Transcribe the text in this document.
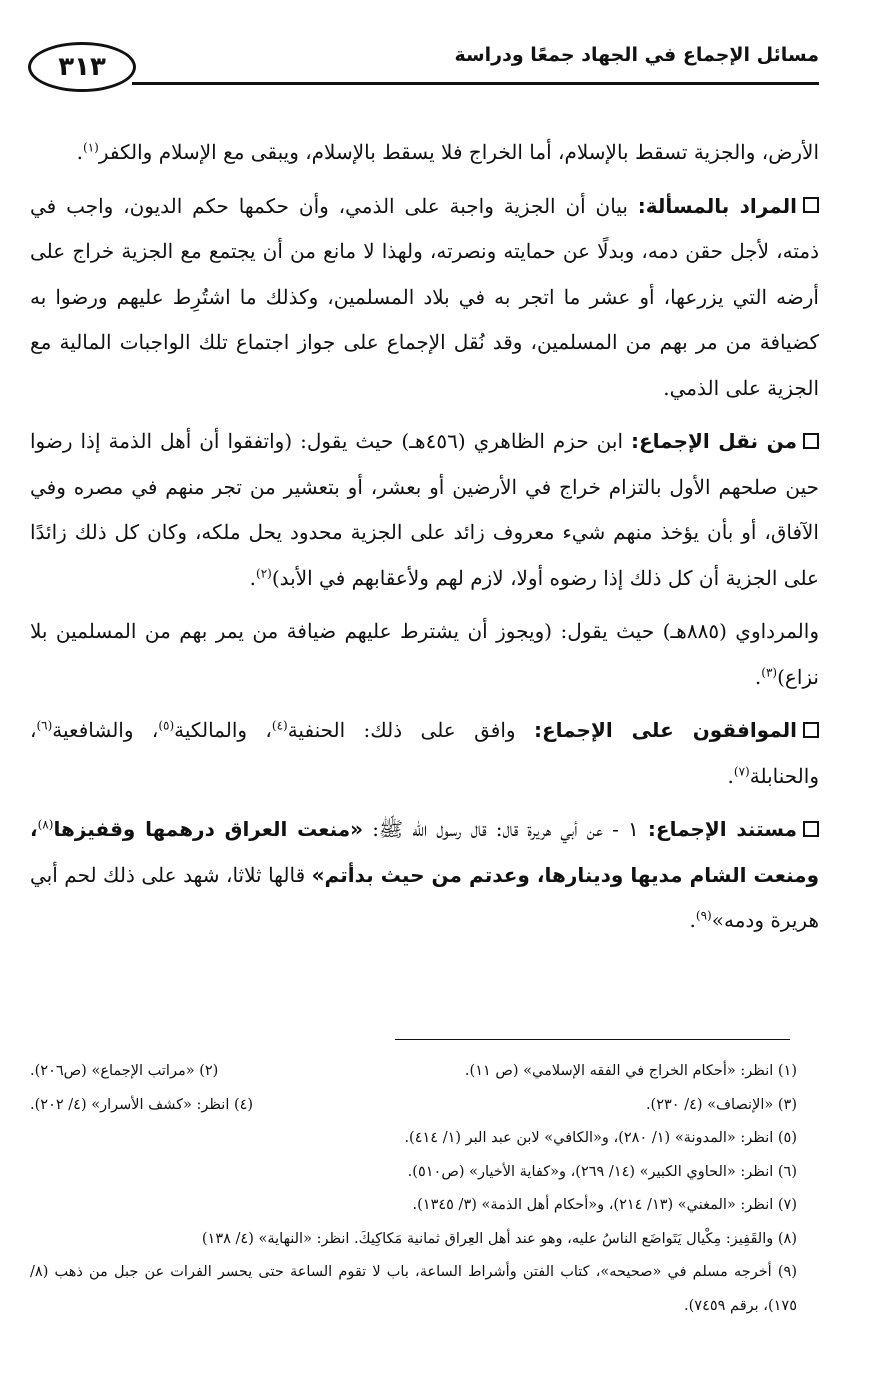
٣١٣	مسائل الإجماع في الجهاد جمعًا ودراسة

الأرض، والجزية تسقط بالإسلام، أما الخراج فلا يسقط بالإسلام، ويبقى مع الإسلام والكفر$^{(١)}$.

المراد بالمسألة: بيان أن الجزية واجبة على الذمي، وأن حكمها حكم الديون، واجب في ذمته، لأجل حقن دمه، وبدلًا عن حمايته ونصرته، ولهذا لا مانع من أن يجتمع مع الجزية خراج على أرضه التي يزرعها، أو عشر ما اتجر به في بلاد المسلمين، وكذلك ما اشتُرِط عليهم ورضوا به كضيافة من مر بهم من المسلمين، وقد نُقل الإجماع على جواز اجتماع تلك الواجبات المالية مع الجزية على الذمي.

من نقل الإجماع: ابن حزم الظاهري (٤٥٦هـ) حيث يقول: (واتفقوا أن أهل الذمة إذا رضوا حين صلحهم الأول بالتزام خراج في الأرضين أو بعشر، أو بتعشير من تجر منهم في مصره وفي الآفاق، أو بأن يؤخذ منهم شيء معروف زائد على الجزية محدود يحل ملكه، وكان كل ذلك زائدًا على الجزية أن كل ذلك إذا رضوه أولا، لازم لهم ولأعقابهم في الأبد)$^{(٢)}$.

والمرداوي (٨٨٥هـ) حيث يقول: (ويجوز أن يشترط عليهم ضيافة من يمر بهم من المسلمين بلا نزاع)$^{(٣)}$.

الموافقون على الإجماع: وافق على ذلك: الحنفية$^{(٤)}$، والمالكية$^{(٥)}$، والشافعية$^{(٦)}$، والحنابلة$^{(٧)}$.

مستند الإجماع: ١ - عن أبي هريرة قال: قال رسول الله ﷺ: «منعت العراق درهمها وقفيزها$^{(٨)}$، ومنعت الشام مديها ودينارها، وعدتم من حيث بدأتم» قالها ثلاثا، شهد على ذلك لحم أبي هريرة ودمه»$^{(٩)}$.

(١) انظر: «أحكام الخراج في الفقه الإسلامي» (ص ١١).
(٢) «مراتب الإجماع» (ص٢٠٦).
(٣) «الإنصاف» (٤/ ٢٣٠).
(٤) انظر: «كشف الأسرار» (٤/ ٢٠٢).
(٥) انظر: «المدونة» (١/ ٢٨٠)، و«الكافي» لابن عبد البر (١/ ٤١٤).
(٦) انظر: «الحاوي الكبير» (١٤/ ٢٦٩)، و«كفاية الأخيار» (ص٥١٠).
(٧) انظر: «المغني» (١٣/ ٢١٤)، و«أحكام أهل الذمة» (٣/ ١٣٤٥).
(٨) والقَفِيز: مِكْيال يَتَواضَع الناسُ عليه، وهو عند أهل العِراق ثمانية مَكاكِيكَ. انظر: «النهاية» (٤/ ١٣٨)
(٩) أخرجه مسلم في «صحيحه»، كتاب الفتن وأشراط الساعة، باب لا تقوم الساعة حتى يحسر الفرات عن جبل من ذهب (٨/ ١٧٥)، برقم ٧٤٥٩).
